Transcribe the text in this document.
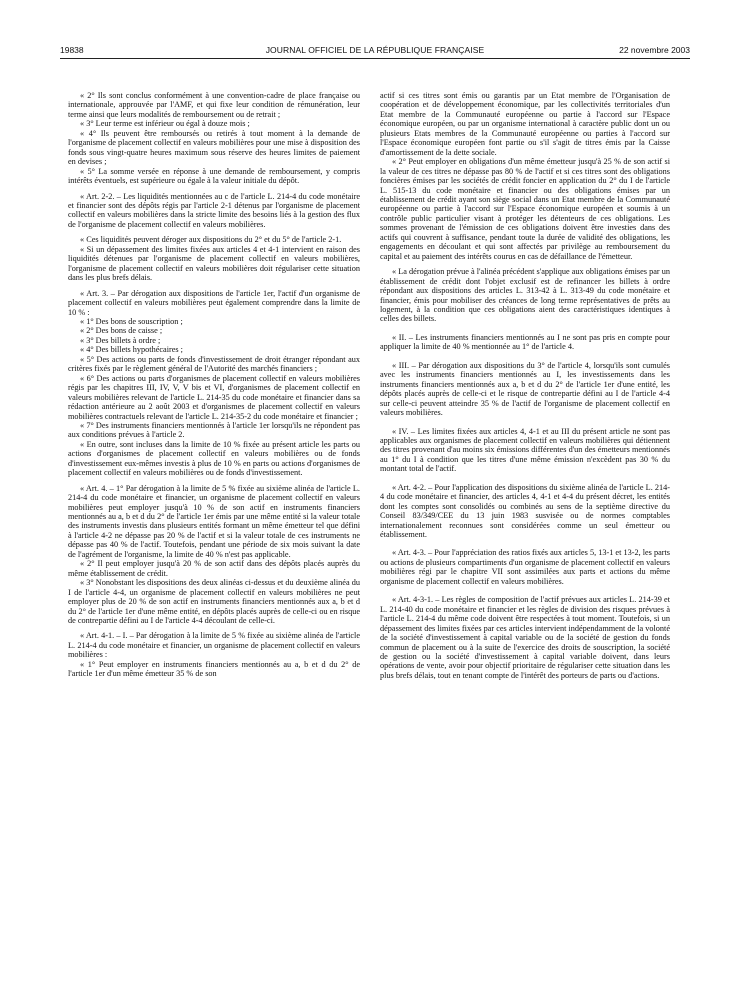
19838	JOURNAL OFFICIEL DE LA RÉPUBLIQUE FRANÇAISE	22 novembre 2003

« 2° Ils sont conclus conformément à une convention-cadre de place française ou internationale, approuvée par l'AMF, et qui fixe leur condition de rémunération, leur terme ainsi que leurs modalités de remboursement ou de retrait ;

« 3° Leur terme est inférieur ou égal à douze mois ;

« 4° Ils peuvent être remboursés ou retirés à tout moment à la demande de l'organisme de placement collectif en valeurs mobilières pour une mise à disposition des fonds sous vingt-quatre heures maximum sous réserve des heures limites de paiement en devises ;

« 5° La somme versée en réponse à une demande de remboursement, y compris intérêts éventuels, est supérieure ou égale à la valeur initiale du dépôt.

« Art. 2-2. – Les liquidités mentionnées au c de l'article L. 214-4 du code monétaire et financier sont des dépôts régis par l'article 2-1 détenus par l'organisme de placement collectif en valeurs mobilières dans la stricte limite des besoins liés à la gestion des flux de l'organisme de placement collectif en valeurs mobilières.

« Ces liquidités peuvent déroger aux dispositions du 2° et du 5° de l'article 2-1.

« Si un dépassement des limites fixées aux articles 4 et 4-1 intervient en raison des liquidités détenues par l'organisme de placement collectif en valeurs mobilières, l'organisme de placement collectif en valeurs mobilières doit régulariser cette situation dans les plus brefs délais.

« Art. 3. – Par dérogation aux dispositions de l'article 1er, l'actif d'un organisme de placement collectif en valeurs mobilières peut également comprendre dans la limite de 10 % :

« 1° Des bons de souscription ;

« 2° Des bons de caisse ;

« 3° Des billets à ordre ;

« 4° Des billets hypothécaires ;

« 5° Des actions ou parts de fonds d'investissement de droit étranger répondant aux critères fixés par le règlement général de l'Autorité des marchés financiers ;

« 6° Des actions ou parts d'organismes de placement collectif en valeurs mobilières régis par les chapitres III, IV, V, V bis et VI, d'organismes de placement collectif en valeurs mobilières relevant de l'article L. 214-35 du code monétaire et financier dans sa rédaction antérieure au 2 août 2003 et d'organismes de placement collectif en valeurs mobilières contractuels relevant de l'article L. 214-35-2 du code monétaire et financier ;

« 7° Des instruments financiers mentionnés à l'article 1er lorsqu'ils ne répondent pas aux conditions prévues à l'article 2.

« En outre, sont incluses dans la limite de 10 % fixée au présent article les parts ou actions d'organismes de placement collectif en valeurs mobilières ou de fonds d'investissement eux-mêmes investis à plus de 10 % en parts ou actions d'organismes de placement collectif en valeurs mobilières ou de fonds d'investissement.

« Art. 4. – 1° Par dérogation à la limite de 5 % fixée au sixième alinéa de l'article L. 214-4 du code monétaire et financier, un organisme de placement collectif en valeurs mobilières peut employer jusqu'à 10 % de son actif en instruments financiers mentionnés au a, b et d du 2° de l'article 1er émis par une même entité si la valeur totale des instruments investis dans plusieurs entités formant un même émetteur tel que défini à l'article 4-2 ne dépasse pas 20 % de l'actif et si la valeur totale de ces instruments ne dépasse pas 40 % de l'actif. Toutefois, pendant une période de six mois suivant la date de l'agrément de l'organisme, la limite de 40 % n'est pas applicable.

« 2° Il peut employer jusqu'à 20 % de son actif dans des dépôts placés auprès du même établissement de crédit.

« 3° Nonobstant les dispositions des deux alinéas ci-dessus et du deuxième alinéa du I de l'article 4-4, un organisme de placement collectif en valeurs mobilières ne peut employer plus de 20 % de son actif en instruments financiers mentionnés aux a, b et d du 2° de l'article 1er d'une même entité, en dépôts placés auprès de celle-ci ou en risque de contrepartie défini au I de l'article 4-4 découlant de celle-ci.

« Art. 4-1. – I. – Par dérogation à la limite de 5 % fixée au sixième alinéa de l'article L. 214-4 du code monétaire et financier, un organisme de placement collectif en valeurs mobilières :

« 1° Peut employer en instruments financiers mentionnés au a, b et d du 2° de l'article 1er d'un même émetteur 35 % de son

actif si ces titres sont émis ou garantis par un Etat membre de l'Organisation de coopération et de développement économique, par les collectivités territoriales d'un Etat membre de la Communauté européenne ou partie à l'accord sur l'Espace économique européen, ou par un organisme international à caractère public dont un ou plusieurs Etats membres de la Communauté européenne ou parties à l'accord sur l'Espace économique européen font partie ou s'il s'agit de titres émis par la Caisse d'amortissement de la dette sociale.

« 2° Peut employer en obligations d'un même émetteur jusqu'à 25 % de son actif si la valeur de ces titres ne dépasse pas 80 % de l'actif et si ces titres sont des obligations foncières émises par les sociétés de crédit foncier en application du 2° du I de l'article L. 515-13 du code monétaire et financier ou des obligations émises par un établissement de crédit ayant son siège social dans un Etat membre de la Communauté européenne ou partie à l'accord sur l'Espace économique européen et soumis à un contrôle public particulier visant à protéger les détenteurs de ces obligations. Les sommes provenant de l'émission de ces obligations doivent être investies dans des actifs qui couvrent à suffisance, pendant toute la durée de validité des obligations, les engagements en découlant et qui sont affectés par privilège au remboursement du capital et au paiement des intérêts courus en cas de défaillance de l'émetteur.

« La dérogation prévue à l'alinéa précédent s'applique aux obligations émises par un établissement de crédit dont l'objet exclusif est de refinancer les billets à ordre répondant aux dispositions des articles L. 313-42 à L. 313-49 du code monétaire et financier, émis pour mobiliser des créances de long terme représentatives de prêts au logement, à la condition que ces obligations aient des caractéristiques identiques à celles des billets.

« II. – Les instruments financiers mentionnés au I ne sont pas pris en compte pour appliquer la limite de 40 % mentionnée au 1° de l'article 4.

« III. – Par dérogation aux dispositions du 3° de l'article 4, lorsqu'ils sont cumulés avec les instruments financiers mentionnés au I, les investissements dans les instruments financiers mentionnés aux a, b et d du 2° de l'article 1er d'une entité, les dépôts placés auprès de celle-ci et le risque de contrepartie défini au I de l'article 4-4 sur celle-ci peuvent atteindre 35 % de l'actif de l'organisme de placement collectif en valeurs mobilières.

« IV. – Les limites fixées aux articles 4, 4-1 et au III du présent article ne sont pas applicables aux organismes de placement collectif en valeurs mobilières qui détiennent des titres provenant d'au moins six émissions différentes d'un des émetteurs mentionnés au 1° du I à condition que les titres d'une même émission n'excèdent pas 30 % du montant total de l'actif.

« Art. 4-2. – Pour l'application des dispositions du sixième alinéa de l'article L. 214-4 du code monétaire et financier, des articles 4, 4-1 et 4-4 du présent décret, les entités dont les comptes sont consolidés ou combinés au sens de la septième directive du Conseil 83/349/CEE du 13 juin 1983 susvisée ou de normes comptables internationalement reconnues sont considérées comme un seul émetteur ou établissement.

« Art. 4-3. – Pour l'appréciation des ratios fixés aux articles 5, 13-1 et 13-2, les parts ou actions de plusieurs compartiments d'un organisme de placement collectif en valeurs mobilières régi par le chapitre VII sont assimilées aux parts et actions du même organisme de placement collectif en valeurs mobilières.

« Art. 4-3-1. – Les règles de composition de l'actif prévues aux articles L. 214-39 et L. 214-40 du code monétaire et financier et les règles de division des risques prévues à l'article L. 214-4 du même code doivent être respectées à tout moment. Toutefois, si un dépassement des limites fixées par ces articles intervient indépendamment de la volonté de la société d'investissement à capital variable ou de la société de gestion du fonds commun de placement ou à la suite de l'exercice des droits de souscription, la société de gestion ou la société d'investissement à capital variable doivent, dans leurs opérations de vente, avoir pour objectif prioritaire de régulariser cette situation dans les plus brefs délais, tout en tenant compte de l'intérêt des porteurs de parts ou d'actions.
